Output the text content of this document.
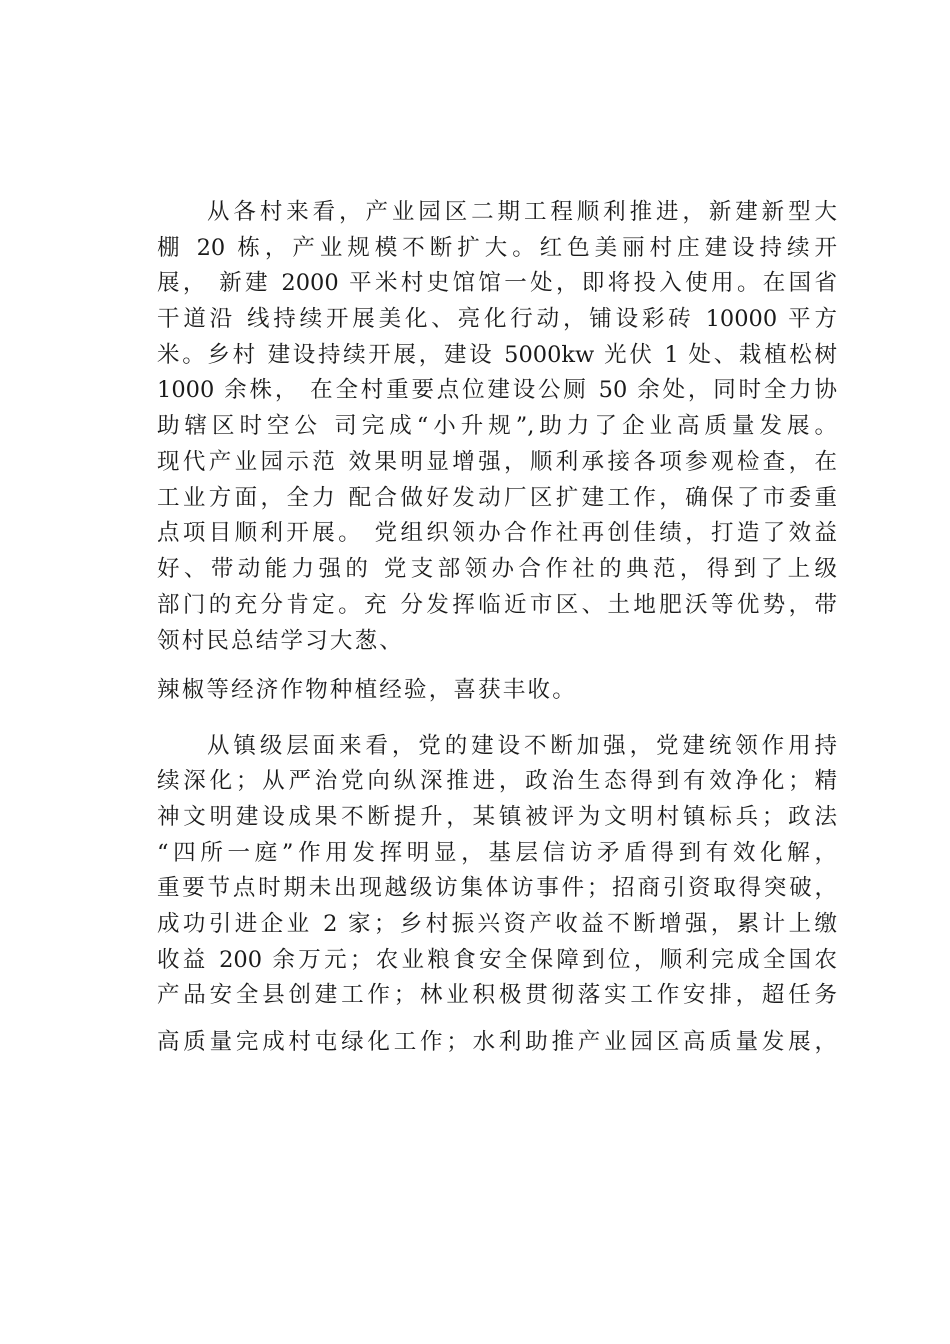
从各村来看，产业园区二期工程顺利推进，新建新型大
棚 20 栋，产业规模不断扩大。红色美丽村庄建设持续开
展， 新建 2000 平米村史馆馆一处，即将投入使用。在国省
干道沿 线持续开展美化、亮化行动，铺设彩砖 10000 平方
米。乡村 建设持续开展，建设 5000kw 光伏 1 处、栽植松树
1000 余株， 在全村重要点位建设公厕 50 余处，同时全力协
助辖区时空公 司完成“小升规”,助力了企业高质量发展。
现代产业园示范 效果明显增强，顺利承接各项参观检查，在
工业方面，全力 配合做好发动厂区扩建工作，确保了市委重
点项目顺利开展。 党组织领办合作社再创佳绩，打造了效益
好、带动能力强的 党支部领办合作社的典范，得到了上级
部门的充分肯定。充 分发挥临近市区、土地肥沃等优势，带
领村民总结学习大葱、
辣椒等经济作物种植经验，喜获丰收。
从镇级层面来看，党的建设不断加强，党建统领作用持
续深化；从严治党向纵深推进，政治生态得到有效净化；精
神文明建设成果不断提升，某镇被评为文明村镇标兵；政法
“四所一庭”作用发挥明显，基层信访矛盾得到有效化解，
重要节点时期未出现越级访集体访事件；招商引资取得突破，
成功引进企业 2 家；乡村振兴资产收益不断增强，累计上缴
收益 200 余万元；农业粮食安全保障到位，顺利完成全国农
产品安全县创建工作；林业积极贯彻落实工作安排，超任务
高质量完成村屯绿化工作；水利助推产业园区高质量发展，
